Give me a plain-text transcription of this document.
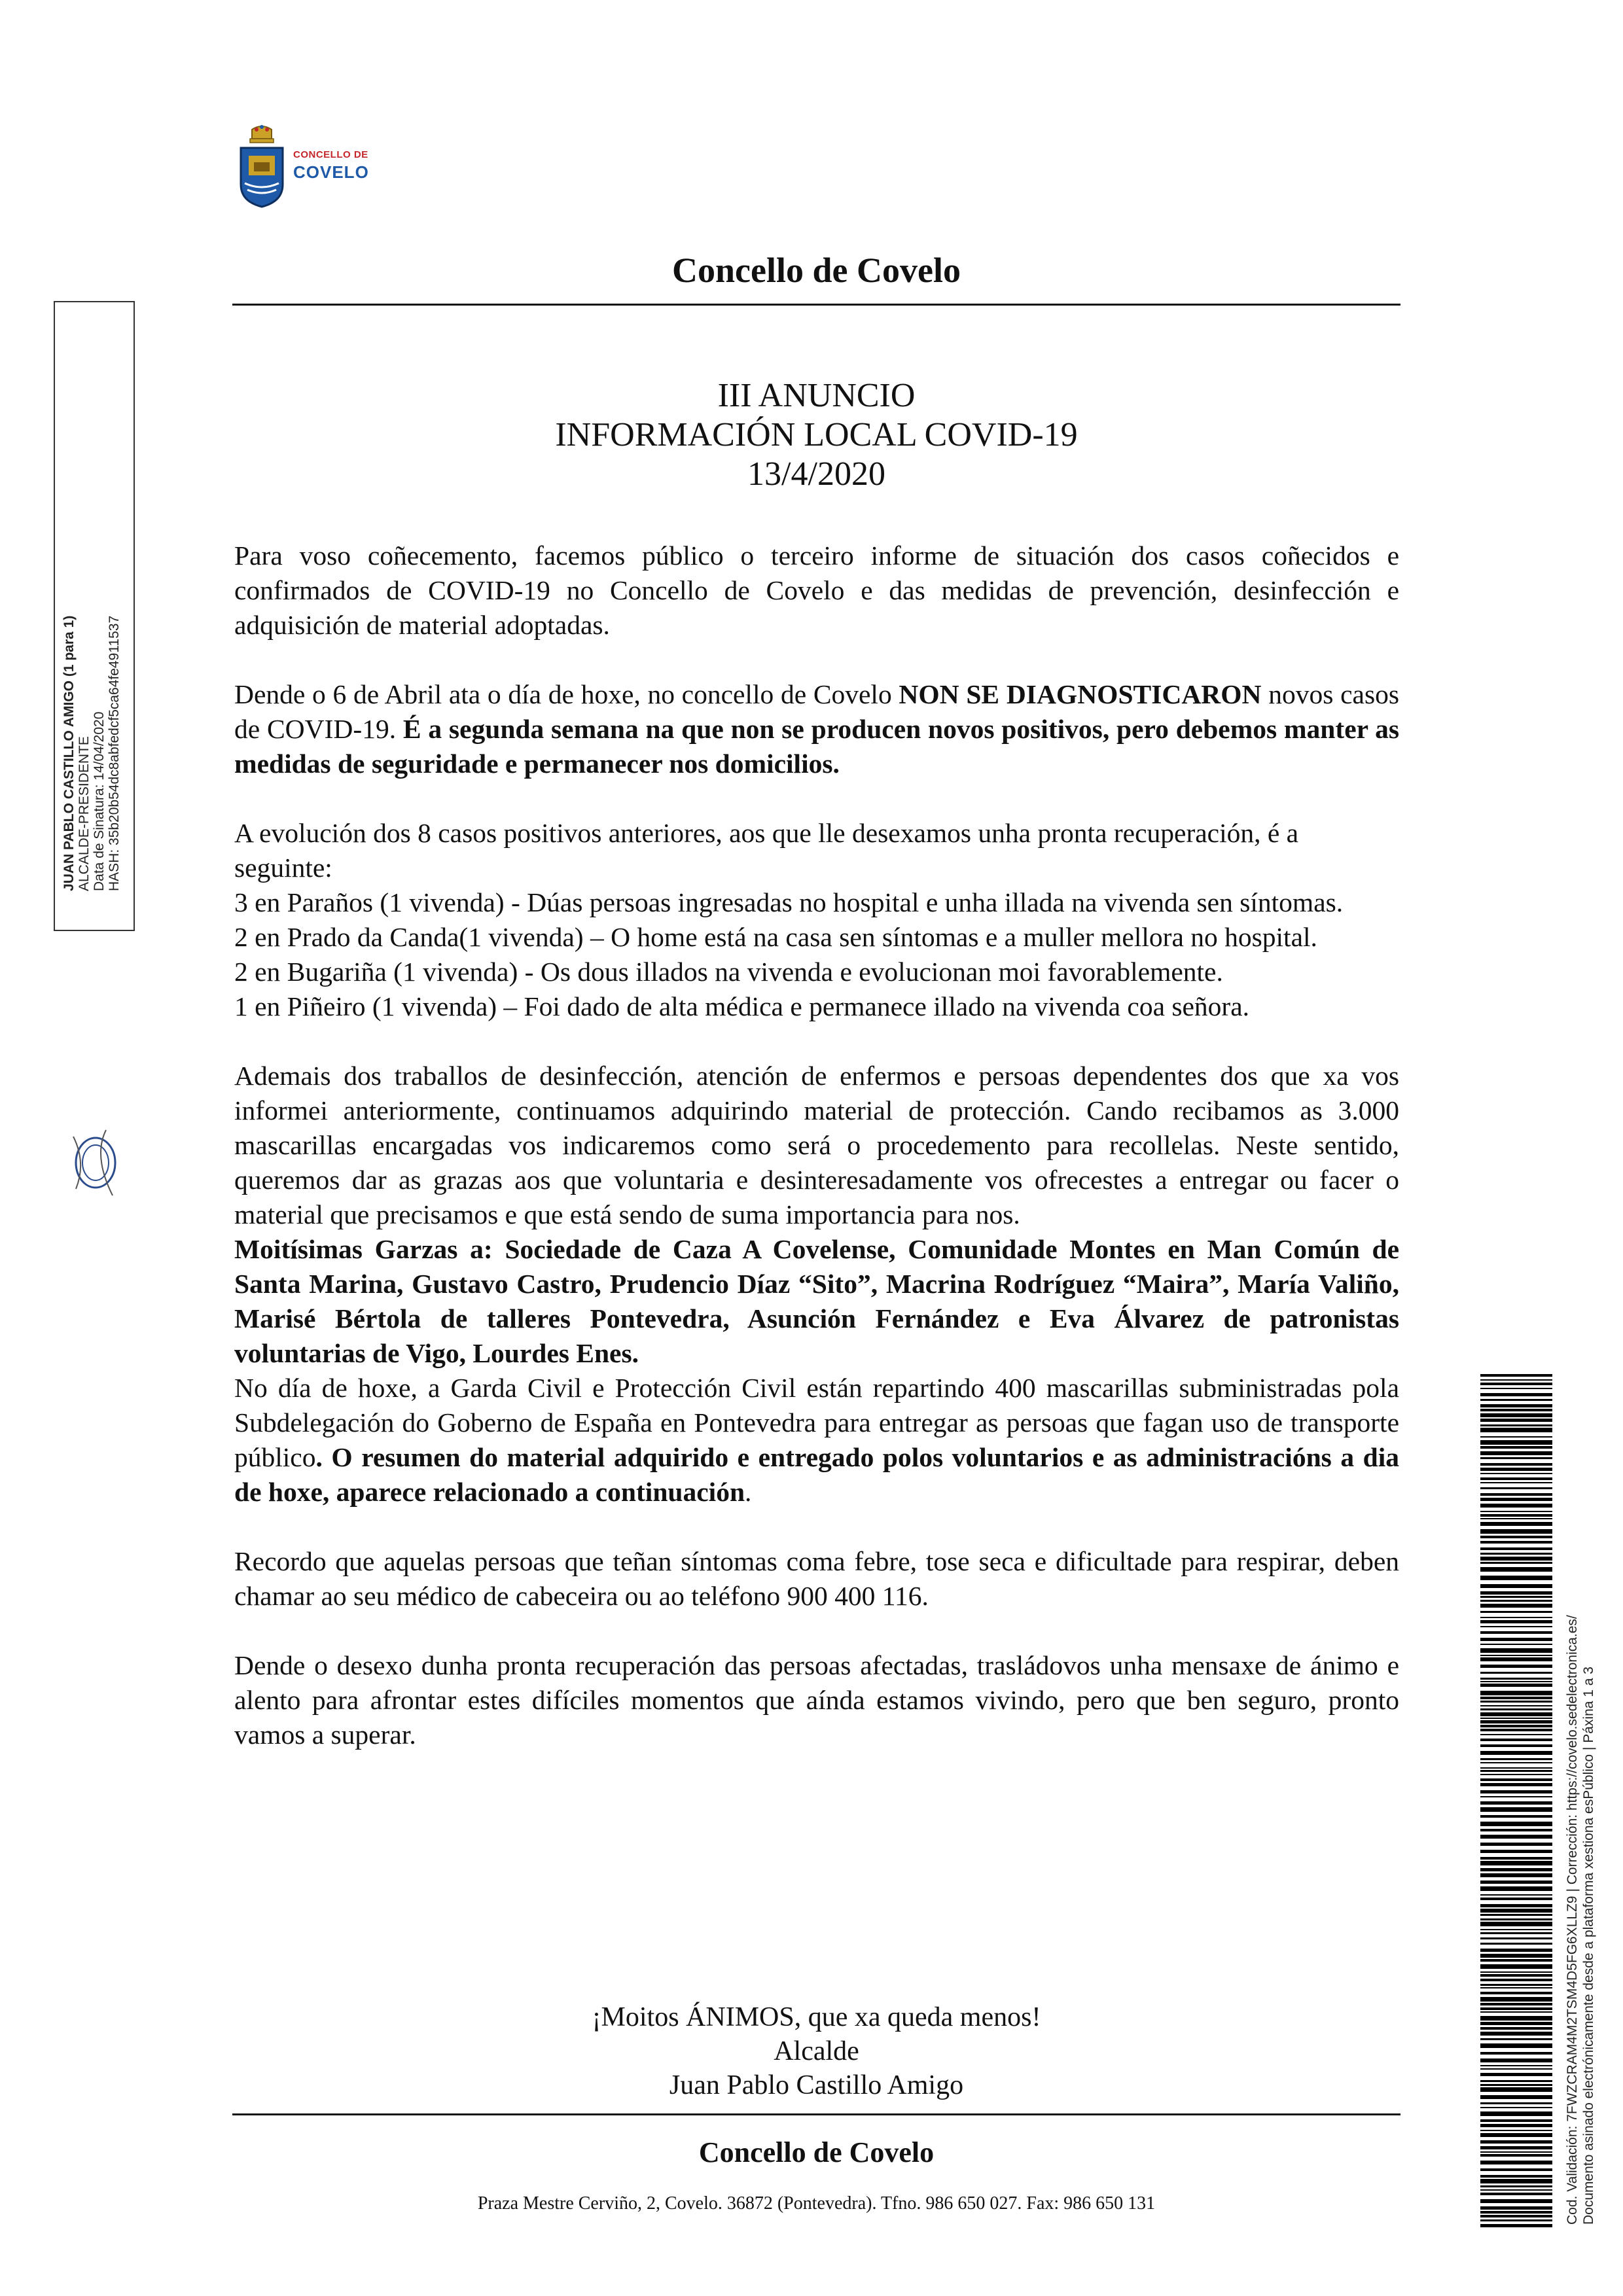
CONCELLO DE
COVELO
Concello de Covelo
III ANUNCIO
INFORMACIÓN LOCAL COVID-19
13/4/2020

Para voso coñecemento, facemos público o terceiro informe de situación dos casos coñecidos e confirmados de COVID-19 no Concello de Covelo e das medidas de prevención, desinfección e adquisición de material adoptadas.

Dende o 6 de Abril ata o día de hoxe, no concello de Covelo NON SE DIAGNOSTICARON novos casos de COVID-19. É a segunda semana na que non se producen novos positivos, pero debemos manter as medidas de seguridade e permanecer nos domicilios.

A evolución dos 8 casos positivos anteriores, aos que lle desexamos unha pronta recuperación, é a seguinte:

3 en Paraños (1 vivenda) - Dúas persoas ingresadas no hospital e unha illada na vivenda sen síntomas.

2 en Prado da Canda(1 vivenda) – O home está na casa sen síntomas e a muller mellora no hospital.

2 en Bugariña (1 vivenda) - Os dous illados na vivenda e evolucionan moi favorablemente.

1 en Piñeiro (1 vivenda) – Foi dado de alta médica e permanece illado na vivenda coa señora.

Ademais dos traballos de desinfección, atención de enfermos e persoas dependentes dos que xa vos informei anteriormente, continuamos adquirindo material de protección. Cando recibamos as 3.000 mascarillas encargadas vos indicaremos como será o procedemento para recollelas. Neste sentido, queremos dar as grazas aos que voluntaria e desinteresadamente vos ofrecestes a entregar ou facer o material que precisamos e que está sendo de suma importancia para nos.

Moitísimas Garzas a: Sociedade de Caza A Covelense, Comunidade Montes en Man Común de Santa Marina, Gustavo Castro, Prudencio Díaz “Sito”, Macrina Rodríguez “Maira”, María Valiño, Marisé Bértola de talleres Pontevedra, Asunción Fernández e Eva Álvarez de patronistas voluntarias de Vigo, Lourdes Enes.

No día de hoxe, a Garda Civil e Protección Civil están repartindo 400 mascarillas subministradas pola Subdelegación do Goberno de España en Pontevedra para entregar as persoas que fagan uso de transporte público. O resumen do material adquirido e entregado polos voluntarios e as administracións a dia de hoxe, aparece relacionado a continuación.

Recordo que aquelas persoas que teñan síntomas coma febre, tose seca e dificultade para respirar, deben chamar ao seu médico de cabeceira ou ao teléfono 900 400 116.

Dende o desexo dunha pronta recuperación das persoas afectadas, trasládovos unha mensaxe de ánimo e alento para afrontar estes difíciles momentos que aínda estamos vivindo, pero que ben seguro, pronto vamos a superar.

¡Moitos ÁNIMOS, que xa queda menos!
Alcalde
Juan Pablo Castillo Amigo
Concello de Covelo
Praza Mestre Cerviño, 2, Covelo. 36872 (Pontevedra). Tfno. 986 650 027. Fax: 986 650 131
JUAN PABLO CASTILLO AMIGO (1 para 1) ALCALDE-PRESIDENTE Data de Sinatura: 14/04/2020 HASH: 35b20b54dc8abfedcf5ca64fe4911537
Cod. Validación: 7FWZCRAM4M2TSM4D5FG6XLLZ9 | Corrección: https://covelo.sedelectronica.es/ Documento asinado electrónicamente desde a plataforma xestiona esPúblico | Páxina 1 a 3
